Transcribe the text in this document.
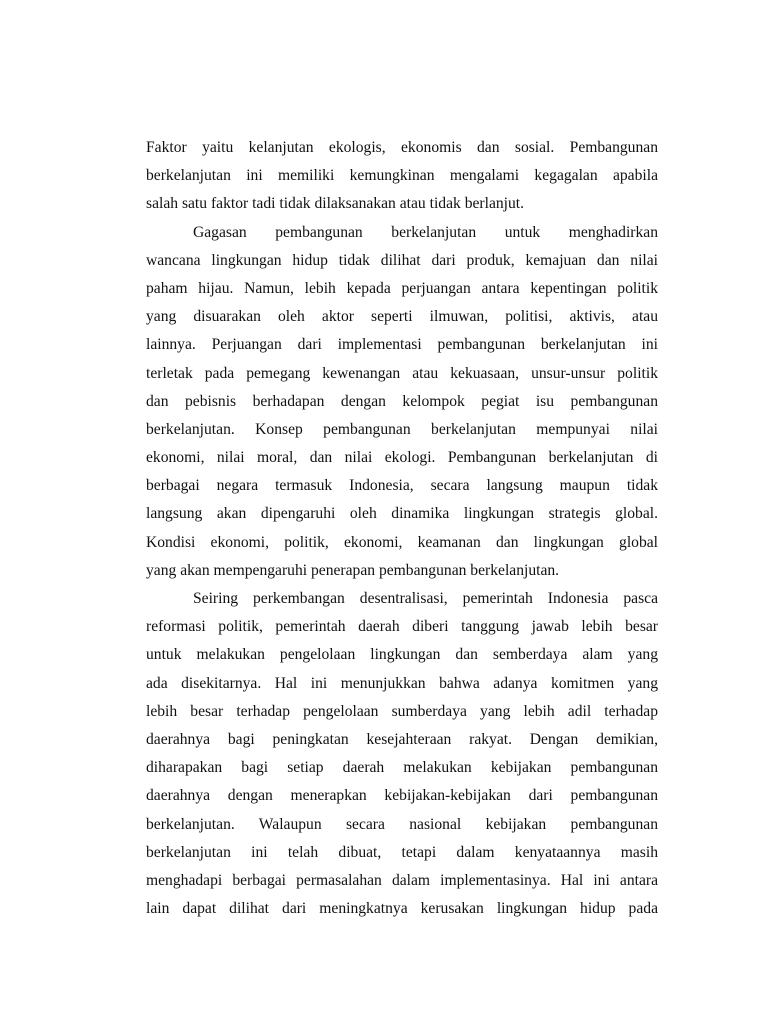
Faktor yaitu kelanjutan ekologis, ekonomis dan sosial. Pembangunan
berkelanjutan ini memiliki kemungkinan mengalami kegagalan apabila
salah satu faktor tadi tidak dilaksanakan atau tidak berlanjut.
Gagasan pembangunan berkelanjutan untuk menghadirkan
wancana lingkungan hidup tidak dilihat dari produk, kemajuan dan nilai
paham hijau. Namun, lebih kepada perjuangan antara kepentingan politik
yang disuarakan oleh aktor seperti ilmuwan, politisi, aktivis, atau
lainnya. Perjuangan dari implementasi pembangunan berkelanjutan ini
terletak pada pemegang kewenangan atau kekuasaan, unsur-unsur politik
dan pebisnis berhadapan dengan kelompok pegiat isu pembangunan
berkelanjutan. Konsep pembangunan berkelanjutan mempunyai nilai
ekonomi, nilai moral, dan nilai ekologi. Pembangunan berkelanjutan di
berbagai negara termasuk Indonesia, secara langsung maupun tidak
langsung akan dipengaruhi oleh dinamika lingkungan strategis global.
Kondisi ekonomi, politik, ekonomi, keamanan dan lingkungan global
yang akan mempengaruhi penerapan pembangunan berkelanjutan.
Seiring perkembangan desentralisasi, pemerintah Indonesia pasca
reformasi politik, pemerintah daerah diberi tanggung jawab lebih besar
untuk melakukan pengelolaan lingkungan dan semberdaya alam yang
ada disekitarnya. Hal ini menunjukkan bahwa adanya komitmen yang
lebih besar terhadap pengelolaan sumberdaya yang lebih adil terhadap
daerahnya bagi peningkatan kesejahteraan rakyat. Dengan demikian,
diharapakan bagi setiap daerah melakukan kebijakan pembangunan
daerahnya dengan menerapkan kebijakan-kebijakan dari pembangunan
berkelanjutan. Walaupun secara nasional kebijakan pembangunan
berkelanjutan ini telah dibuat, tetapi dalam kenyataannya masih
menghadapi berbagai permasalahan dalam implementasinya. Hal ini antara
lain dapat dilihat dari meningkatnya kerusakan lingkungan hidup pada
